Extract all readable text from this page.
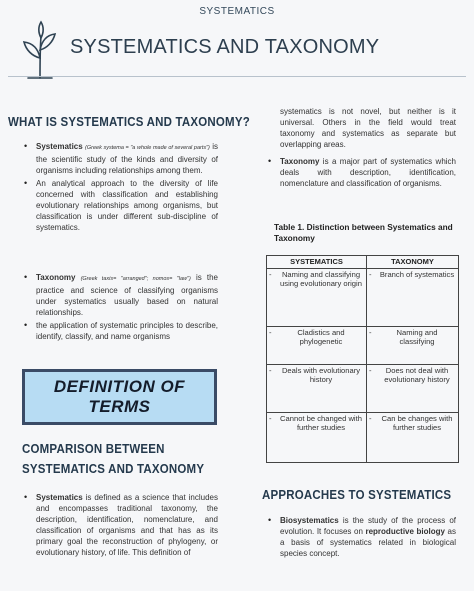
SYSTEMATICS
SYSTEMATICS AND TAXONOMY
WHAT IS SYSTEMATICS AND TAXONOMY?
• Systematics (Greek systema = "a whole made of several parts") is the scientific study of the kinds and diversity of organisms including relationships among them.
• An analytical approach to the diversity of life concerned with classification and establishing evolutionary relationships among organisms, but classification is under different sub-discipline of systematics.
• Taxonomy (Greek taxis= "arranged"; nomos= "law") is the practice and science of classifying organisms under systematics usually based on natural relationships.
• the application of systematic principles to describe, identify, classify, and name organisms
DEFINITION OF TERMS
COMPARISON BETWEEN
SYSTEMATICS AND TAXONOMY
• Systematics is defined as a science that includes and encompasses traditional taxonomy, the description, identification, nomenclature, and classification of organisms and that has as its primary goal the reconstruction of phylogeny, or evolutionary history, of life. This definition of
systematics is not novel, but neither is it universal. Others in the field would treat taxonomy and systematics as separate but overlapping areas.
• Taxonomy is a major part of systematics which deals with description, identification, nomenclature and classification of organisms.
Table 1. Distinction between Systematics and Taxonomy
SYSTEMATICS	TAXONOMY

- Naming and classifying using evolutionary origin	- Branch of systematics

- Cladistics and phylogenetic	- Naming and classifying

- Deals with evolutionary history	- Does not deal with evolutionary history

- Cannot be changed with further studies	- Can be changes with further studies
APPROACHES TO SYSTEMATICS
• Biosystematics is the study of the process of evolution. It focuses on reproductive biology as a basis of systematics related in biological species concept.
